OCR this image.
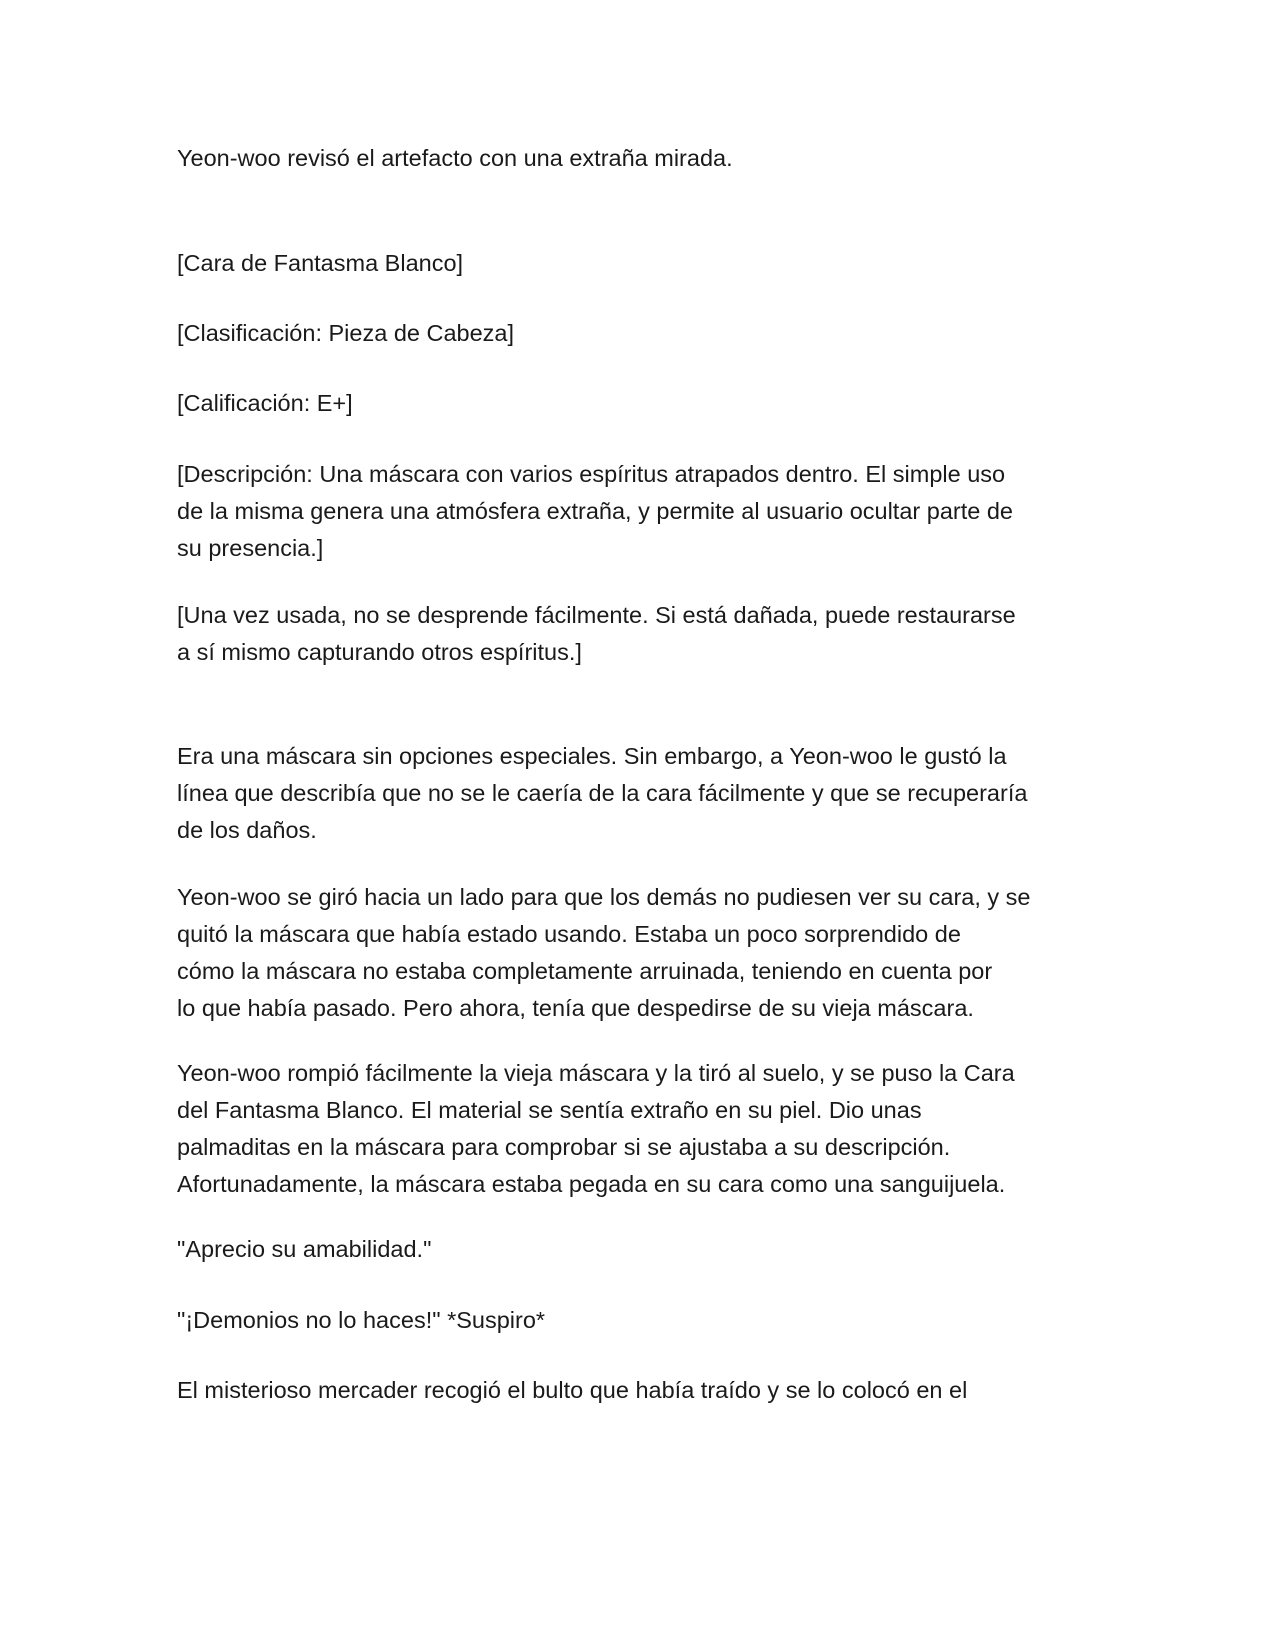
Yeon-woo revisó el artefacto con una extraña mirada.

[Cara de Fantasma Blanco]

[Clasificación: Pieza de Cabeza]

[Calificación: E+]

[Descripción: Una máscara con varios espíritus atrapados dentro. El simple uso
de la misma genera una atmósfera extraña, y permite al usuario ocultar parte de
su presencia.]

[Una vez usada, no se desprende fácilmente. Si está dañada, puede restaurarse
a sí mismo capturando otros espíritus.]

Era una máscara sin opciones especiales. Sin embargo, a Yeon-woo le gustó la
línea que describía que no se le caería de la cara fácilmente y que se recuperaría
de los daños.

Yeon-woo se giró hacia un lado para que los demás no pudiesen ver su cara, y se
quitó la máscara que había estado usando. Estaba un poco sorprendido de
cómo la máscara no estaba completamente arruinada, teniendo en cuenta por
lo que había pasado. Pero ahora, tenía que despedirse de su vieja máscara.

Yeon-woo rompió fácilmente la vieja máscara y la tiró al suelo, y se puso la Cara
del Fantasma Blanco. El material se sentía extraño en su piel. Dio unas
palmaditas en la máscara para comprobar si se ajustaba a su descripción.
Afortunadamente, la máscara estaba pegada en su cara como una sanguijuela.

"Aprecio su amabilidad."

"¡Demonios no lo haces!" *Suspiro*

El misterioso mercader recogió el bulto que había traído y se lo colocó en el
